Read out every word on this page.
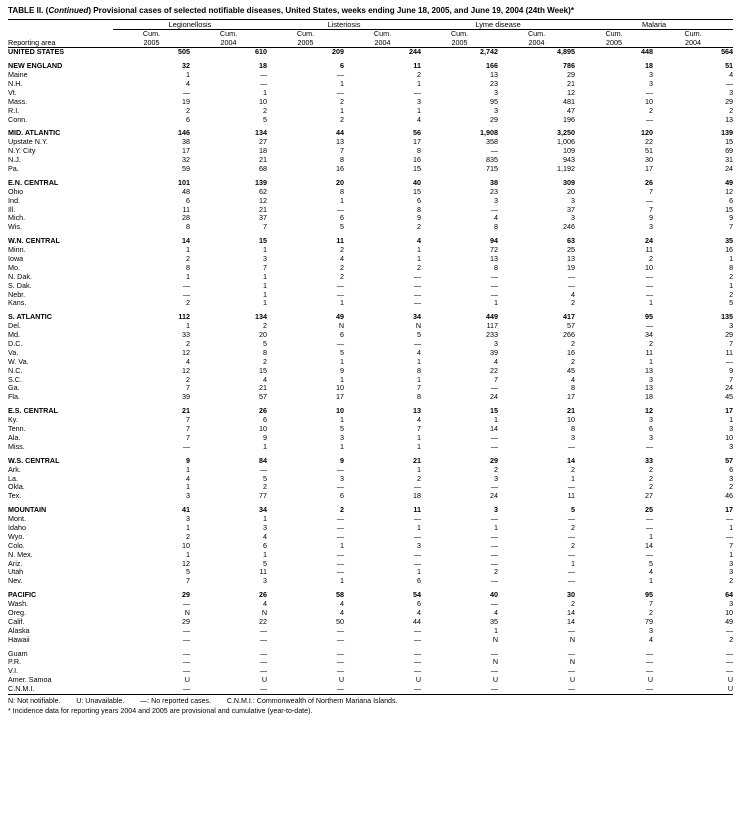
TABLE II. (Continued) Provisional cases of selected notifiable diseases, United States, weeks ending June 18, 2005, and June 19, 2004 (24th Week)*
	Legionellosis		Listeriosis		Lyme disease		Malaria	
	Cum.	Cum.	Cum.	Cum.	Cum.	Cum.	Cum.	Cum.
Reporting area	2005	2004	2005	2004	2005	2004	2005	2004
UNITED STATES	505	610	209	244	2,742	4,895	448	564

NEW ENGLAND	32	18	6	11	166	786	18	51
Maine	1	—	—	2	13	29	3	4
N.H.	4	—	1	1	23	21	3	—
Vt.	—	1	—	—	3	12	—	3
Mass.	19	10	2	3	95	481	10	29
R.I.	2	2	1	1	3	47	2	2
Conn.	6	5	2	4	29	196	—	13

MID. ATLANTIC	146	134	44	56	1,908	3,250	120	139
Upstate N.Y.	38	27	13	17	358	1,006	22	15
N.Y. City	17	18	7	8	—	109	51	69
N.J.	32	21	8	16	835	943	30	31
Pa.	59	68	16	15	715	1,192	17	24

E.N. CENTRAL	101	139	20	40	38	309	26	49
Ohio	48	62	8	15	23	20	7	12
Ind.	6	12	1	6	3	3	—	6
Ill.	11	21	—	8	—	37	7	15
Mich.	28	37	6	9	4	3	9	9
Wis.	8	7	5	2	8	246	3	7

W.N. CENTRAL	14	15	11	4	94	63	24	35
Minn.	1	1	2	1	72	25	11	16
Iowa	2	3	4	1	13	13	2	1
Mo.	8	7	2	2	8	19	10	8
N. Dak.	1	1	2	—	—	—	—	2
S. Dak.	—	1	—	—	—	—	—	1
Nebr.	—	1	—	—	—	4	—	2
Kans.	2	1	1	—	1	2	1	5

S. ATLANTIC	112	134	49	34	449	417	95	135
Del.	1	2	N	N	117	57	—	3
Md.	33	20	6	5	233	266	34	29
D.C.	2	5	—	—	3	2	2	7
Va.	12	8	5	4	39	16	11	11
W. Va.	4	2	1	1	4	2	1	—
N.C.	12	15	9	8	22	45	13	9
S.C.	2	4	1	1	7	4	3	7
Ga.	7	21	10	7	—	8	13	24
Fla.	39	57	17	8	24	17	18	45

E.S. CENTRAL	21	26	10	13	15	21	12	17
Ky.	7	6	1	4	1	10	3	1
Tenn.	7	10	5	7	14	8	6	3
Ala.	7	9	3	1	—	3	3	10
Miss.	—	1	1	1	—	—	—	3

W.S. CENTRAL	9	84	9	21	29	14	33	57
Ark.	1	—	—	1	2	2	2	6
La.	4	5	3	2	3	1	2	3
Okla.	1	2	—	—	—	—	2	2
Tex.	3	77	6	18	24	11	27	46

MOUNTAIN	41	34	2	11	3	5	25	17
Mont.	3	1	—	—	—	—	—	—
Idaho	1	3	—	1	1	2	—	1
Wyo.	2	4	—	—	—	—	1	—
Colo.	10	6	1	3	—	2	14	7
N. Mex.	1	1	—	—	—	—	—	1
Ariz.	12	5	—	—	—	1	5	3
Utah	5	11	—	1	2	—	4	3
Nev.	7	3	1	6	—	—	1	2

PACIFIC	29	26	58	54	40	30	95	64
Wash.	—	4	4	6	—	2	7	3
Oreg.	N	N	4	4	4	14	2	10
Calif.	29	22	50	44	35	14	79	49
Alaska	—	—	—	—	1	—	3	—
Hawaii	—	—	—	—	N	N	4	2

Guam	—	—	—	—	—	—	—	—
P.R.	—	—	—	—	N	N	—	—
V.I.	—	—	—	—	—	—	—	—
Amer. Samoa	U	U	U	U	U	U	U	U
C.N.M.I.	—	—	—	—	—	—	—	U
N: Not notifiable.        U: Unavailable.        —: No reported cases.        C.N.M.I.: Commonwealth of Northern Mariana Islands.
* Incidence data for reporting years 2004 and 2005 are provisional and cumulative (year-to-date).
